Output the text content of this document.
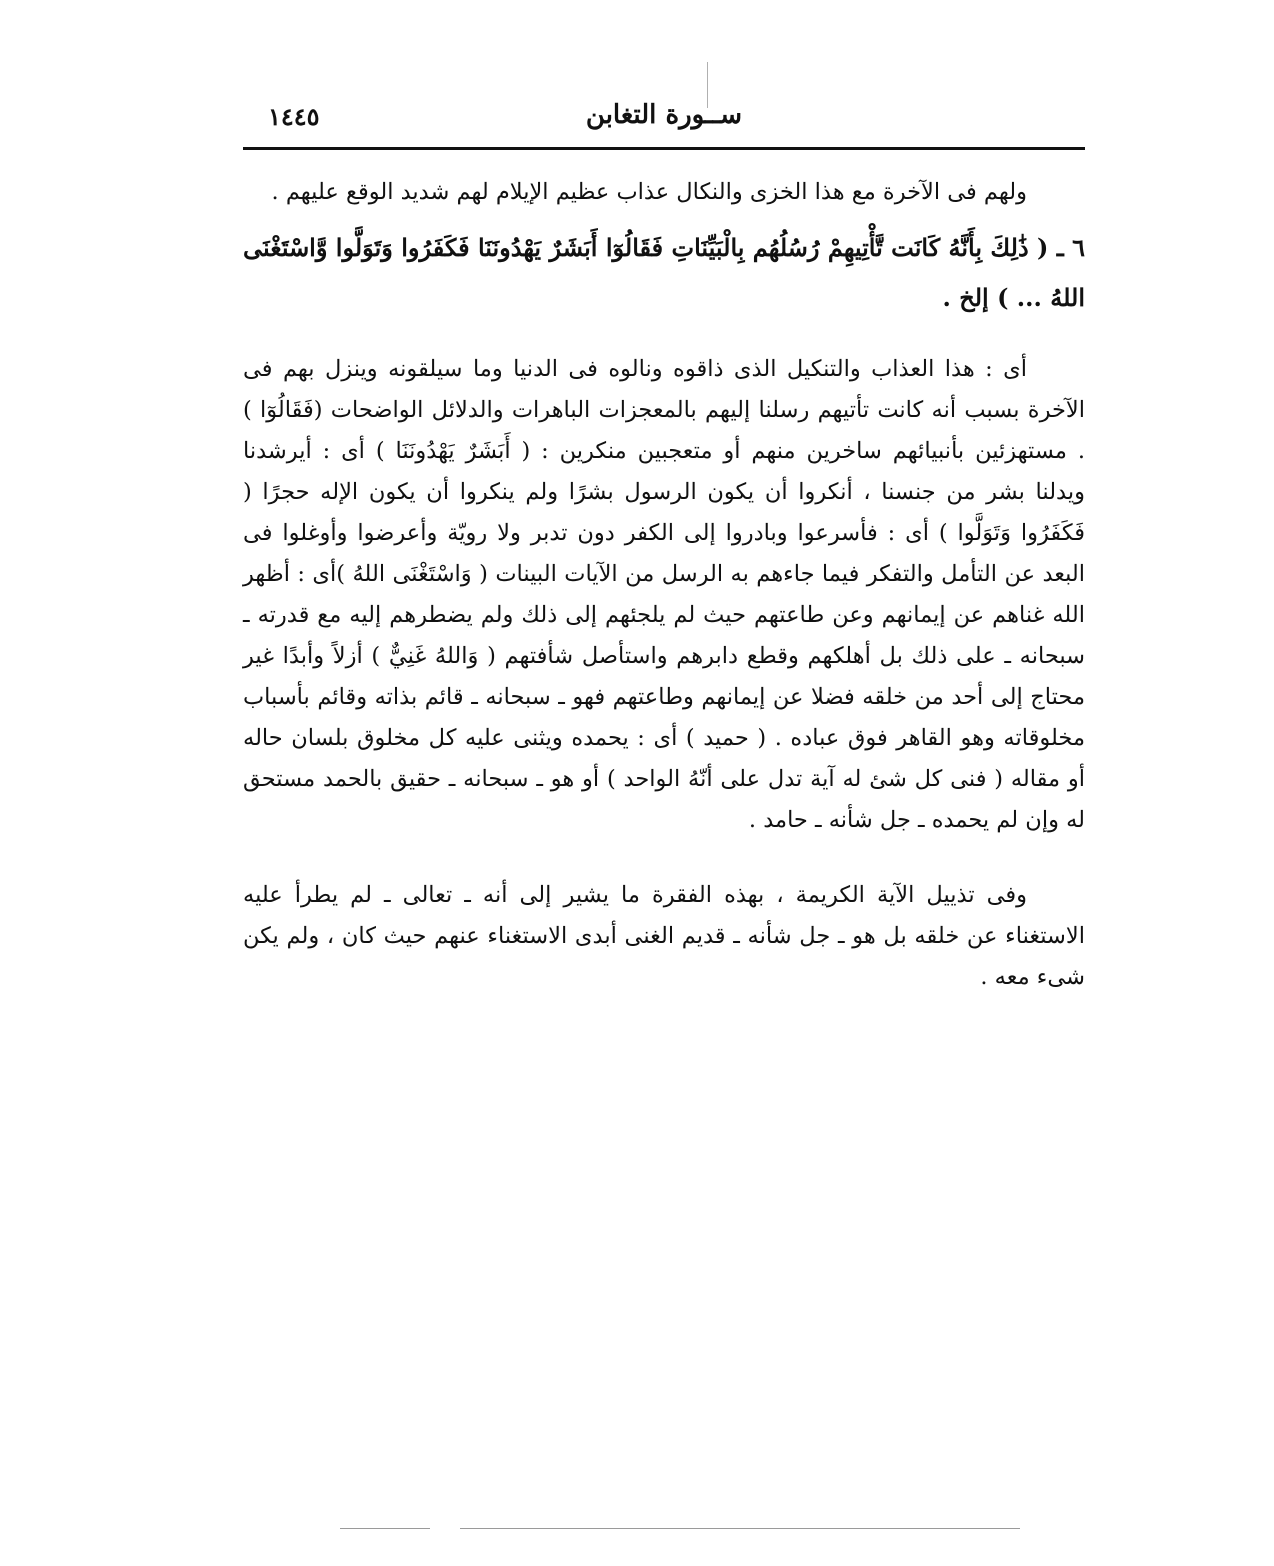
١٤٤٥	ســورة التغابن

ولهم فى الآخرة مع هذا الخزى والنكال عذاب عظيم الإيلام لهم شديد الوقع عليهم .

٦ ـ ( ذَٰلِكَ بِأَنَّهُ كَانَت تَّأْتِيهِمْ رُسُلُهُم بِالْبَيِّنَاتِ فَقَالُوٓا أَبَشَرٌ يَهْدُونَنَا فَكَفَرُوا وَتَوَلَّوا وَّاسْتَغْنَى اللهُ ... ) إلخ .

أى : هذا العذاب والتنكيل الذى ذاقوه ونالوه فى الدنيا وما سيلقونه وينزل بهم فى الآخرة بسبب أنه كانت تأتيهم رسلنا إليهم بالمعجزات الباهرات والدلائل الواضحات (فَقَالُوٓا ) . مستهزئين بأنبيائهم ساخرين منهم أو متعجبين منكرين : ( أَبَشَرٌ يَهْدُونَنَا ) أى : أيرشدنا ويدلنا بشر من جنسنا ، أنكروا أن يكون الرسول بشرًا ولم ينكروا أن يكون الإله حجرًا ( فَكَفَرُوا وَتَوَلَّوا ) أى : فأسرعوا وبادروا إلى الكفر دون تدبر ولا رويّة وأعرضوا وأوغلوا فى البعد عن التأمل والتفكر فيما جاءهم به الرسل من الآيات البينات ( وَاسْتَغْنَى اللهُ )أى : أظهر الله غناهم عن إيمانهم وعن طاعتهم حيث لم يلجئهم إلى ذلك ولم يضطرهم إليه مع قدرته ـ سبحانه ـ على ذلك بل أهلكهم وقطع دابرهم واستأصل شأفتهم ( وَاللهُ غَنِيٌّ ) أزلاً وأبدًا غير محتاج إلى أحد من خلقه فضلا عن إيمانهم وطاعتهم فهو ـ سبحانه ـ قائم بذاته وقائم بأسباب مخلوقاته وهو القاهر فوق عباده . ( حميد ) أى : يحمده ويثنى عليه كل مخلوق بلسان حاله أو مقاله ( فنى كل شئ له آية تدل على أنّهُ الواحد ) أو هو ـ سبحانه ـ حقيق بالحمد مستحق له وإن لم يحمده ـ جل شأنه ـ حامد .

وفى تذييل الآية الكريمة ، بهذه الفقرة ما يشير إلى أنه ـ تعالى ـ لم يطرأ عليه الاستغناء عن خلقه بل هو ـ جل شأنه ـ قديم الغنى أبدى الاستغناء عنهم حيث كان ، ولم يكن شىء معه .
